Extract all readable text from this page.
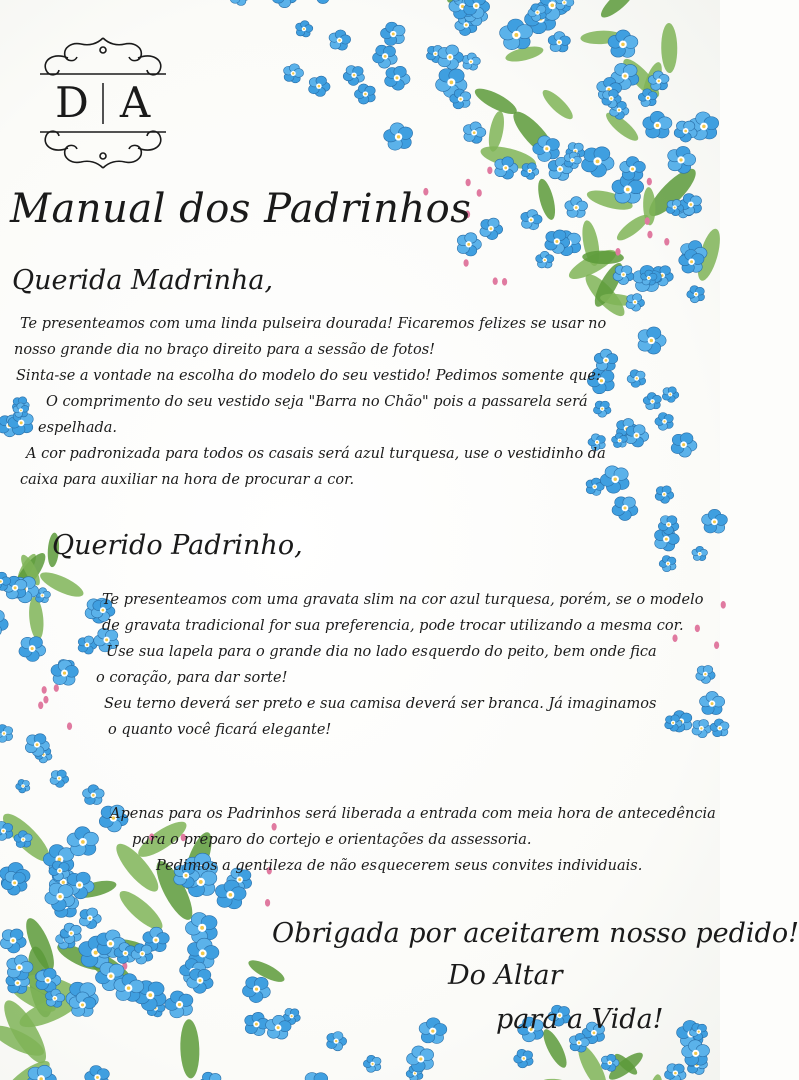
D A
Manual dos Padrinhos
Querida Madrinha,
Te presenteamos com uma linda pulseira dourada! Ficaremos felizes se usar no
nosso grande dia no braço direito para a sessão de fotos!
Sinta-se a vontade na escolha do modelo do seu vestido! Pedimos somente que:
O comprimento do seu vestido seja "Barra no Chão" pois a passarela será
espelhada.
A cor padronizada para todos os casais será azul turquesa, use o vestidinho da
caixa para auxiliar na hora de procurar a cor.
Querido Padrinho,
Te presenteamos com uma gravata slim na cor azul turquesa, porém, se o modelo
de gravata tradicional for sua preferencia, pode trocar utilizando a mesma cor.
Use sua lapela para o grande dia no lado esquerdo do peito, bem onde fica
o coração, para dar sorte!
Seu terno deverá ser preto e sua camisa deverá ser branca. Já imaginamos
o quanto você ficará elegante!
Apenas para os Padrinhos será liberada a entrada com meia hora de antecedência
para o preparo do cortejo e orientações da assessoria.
Pedimos a gentileza de não esquecerem seus convites individuais.
Obrigada por aceitarem nosso pedido!
Do Altar
para a Vida!
